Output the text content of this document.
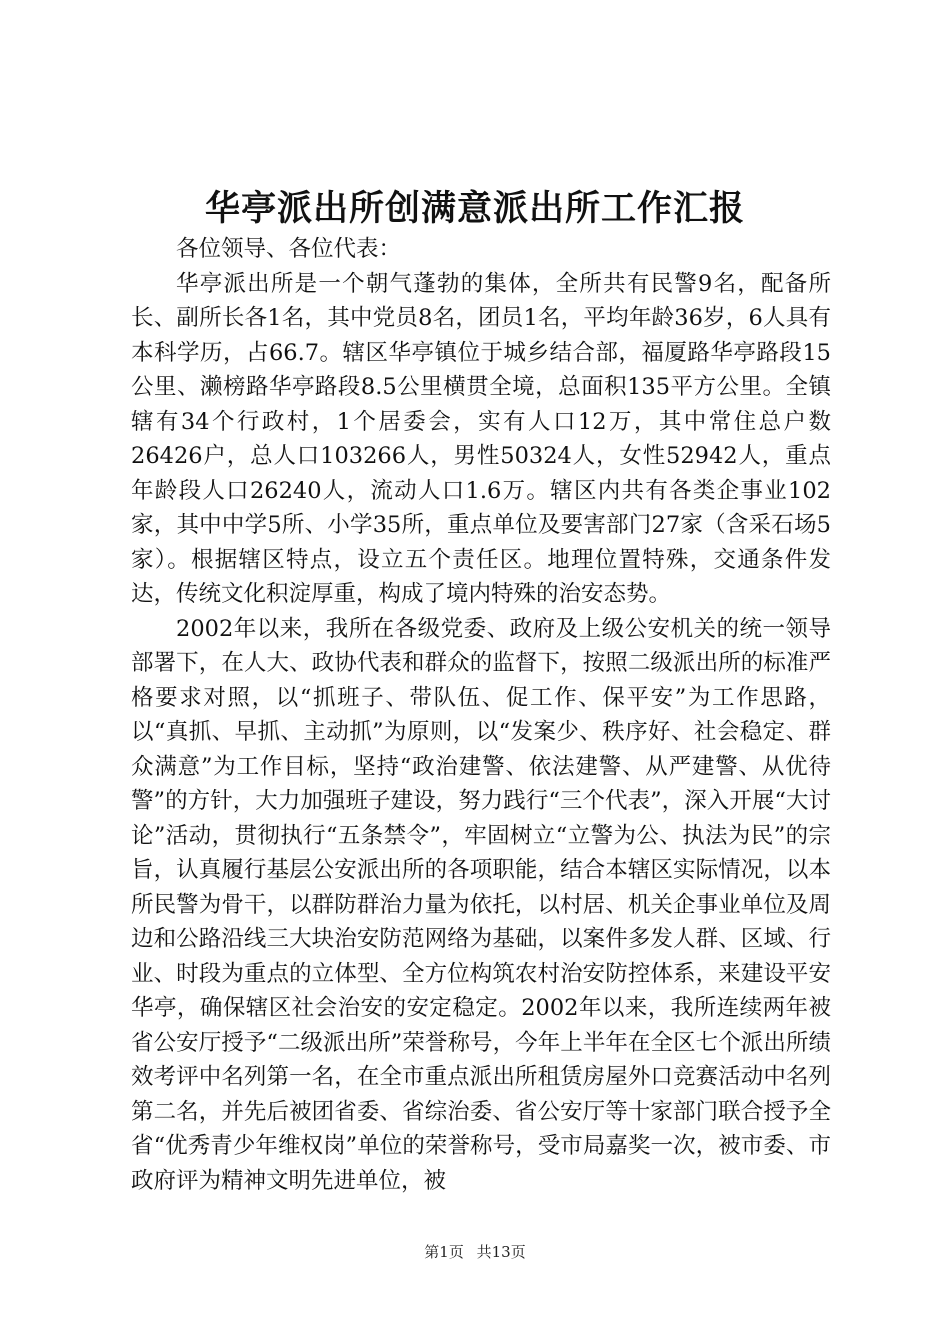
华亭派出所创满意派出所工作汇报

各位领导、各位代表：

华亭派出所是一个朝气蓬勃的集体，全所共有民警9名，配备所长、副所长各1名，其中党员8名，团员1名，平均年龄36岁，6人具有本科学历，占66.7。辖区华亭镇位于城乡结合部，福厦路华亭路段15公里、濑榜路华亭路段8.5公里横贯全境，总面积135平方公里。全镇辖有34个行政村，1个居委会，实有人口12万，其中常住总户数26426户，总人口103266人，男性50324人，女性52942人，重点年龄段人口26240人，流动人口1.6万。辖区内共有各类企事业102家，其中中学5所、小学35所，重点单位及要害部门27家（含采石场5家）。根据辖区特点，设立五个责任区。地理位置特殊，交通条件发达，传统文化积淀厚重，构成了境内特殊的治安态势。

2002年以来，我所在各级党委、政府及上级公安机关的统一领导部署下，在人大、政协代表和群众的监督下，按照二级派出所的标准严格要求对照，以“抓班子、带队伍、促工作、保平安”为工作思路，以“真抓、早抓、主动抓”为原则，以“发案少、秩序好、社会稳定、群众满意”为工作目标，坚持“政治建警、依法建警、从严建警、从优待警”的方针，大力加强班子建设，努力践行“三个代表”，深入开展“大讨论”活动，贯彻执行“五条禁令”，牢固树立“立警为公、执法为民”的宗旨，认真履行基层公安派出所的各项职能，结合本辖区实际情况，以本所民警为骨干，以群防群治力量为依托，以村居、机关企事业单位及周边和公路沿线三大块治安防范网络为基础，以案件多发人群、区域、行业、时段为重点的立体型、全方位构筑农村治安防控体系，来建设平安华亭，确保辖区社会治安的安定稳定。2002年以来，我所连续两年被省公安厅授予“二级派出所”荣誉称号，今年上半年在全区七个派出所绩效考评中名列第一名，在全市重点派出所租赁房屋外口竞赛活动中名列第二名，并先后被团省委、省综治委、省公安厅等十家部门联合授予全省“优秀青少年维权岗”单位的荣誉称号，受市局嘉奖一次，被市委、市政府评为精神文明先进单位，被

第1页 共13页
